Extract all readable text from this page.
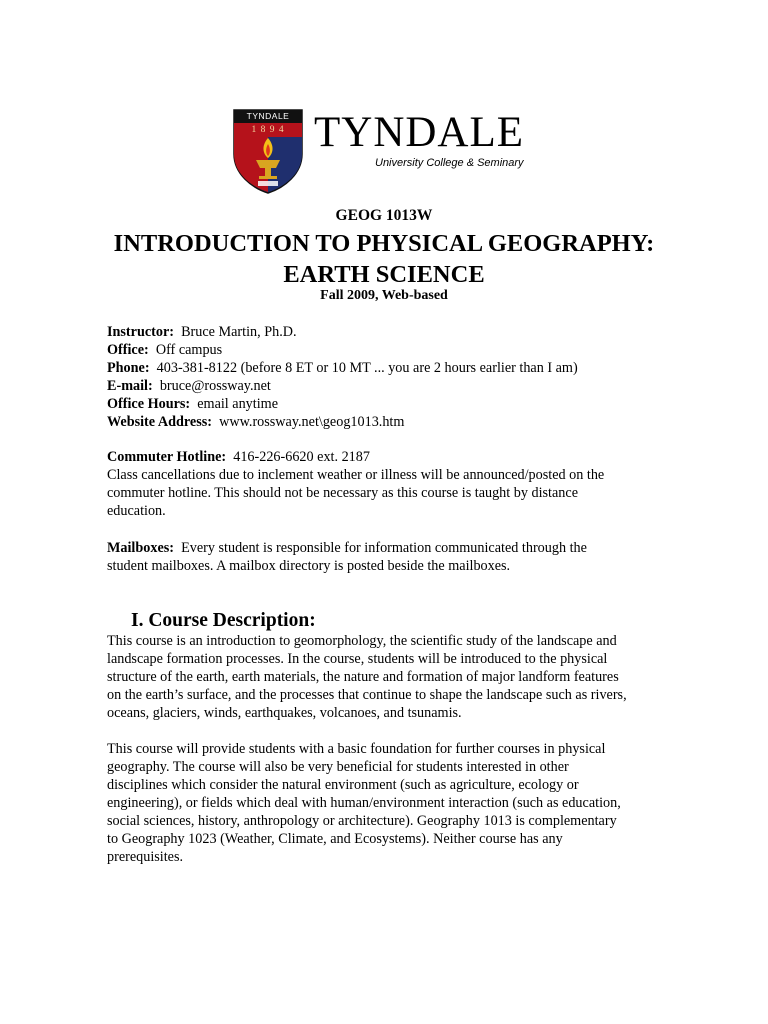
TYNDALE
1 8 9 4 TYNDALE
University College & Seminary
GEOG 1013W
INTRODUCTION TO PHYSICAL GEOGRAPHY:
EARTH SCIENCE
Fall 2009, Web-based
Instructor: Bruce Martin, Ph.D.
Office: Off campus
Phone: 403-381-8122 (before 8 ET or 10 MT ... you are 2 hours earlier than I am)
E-mail: bruce@rossway.net
Office Hours: email anytime
Website Address: www.rossway.net\geog1013.htm
Commuter Hotline: 416-226-6620 ext. 2187
Class cancellations due to inclement weather or illness will be announced/posted on the
commuter hotline. This should not be necessary as this course is taught by distance
education.
Mailboxes: Every student is responsible for information communicated through the
student mailboxes. A mailbox directory is posted beside the mailboxes.
I. Course Description:
This course is an introduction to geomorphology, the scientific study of the landscape and
landscape formation processes. In the course, students will be introduced to the physical
structure of the earth, earth materials, the nature and formation of major landform features
on the earth’s surface, and the processes that continue to shape the landscape such as rivers,
oceans, glaciers, winds, earthquakes, volcanoes, and tsunamis.
This course will provide students with a basic foundation for further courses in physical
geography. The course will also be very beneficial for students interested in other
disciplines which consider the natural environment (such as agriculture, ecology or
engineering), or fields which deal with human/environment interaction (such as education,
social sciences, history, anthropology or architecture). Geography 1013 is complementary
to Geography 1023 (Weather, Climate, and Ecosystems). Neither course has any
prerequisites.
